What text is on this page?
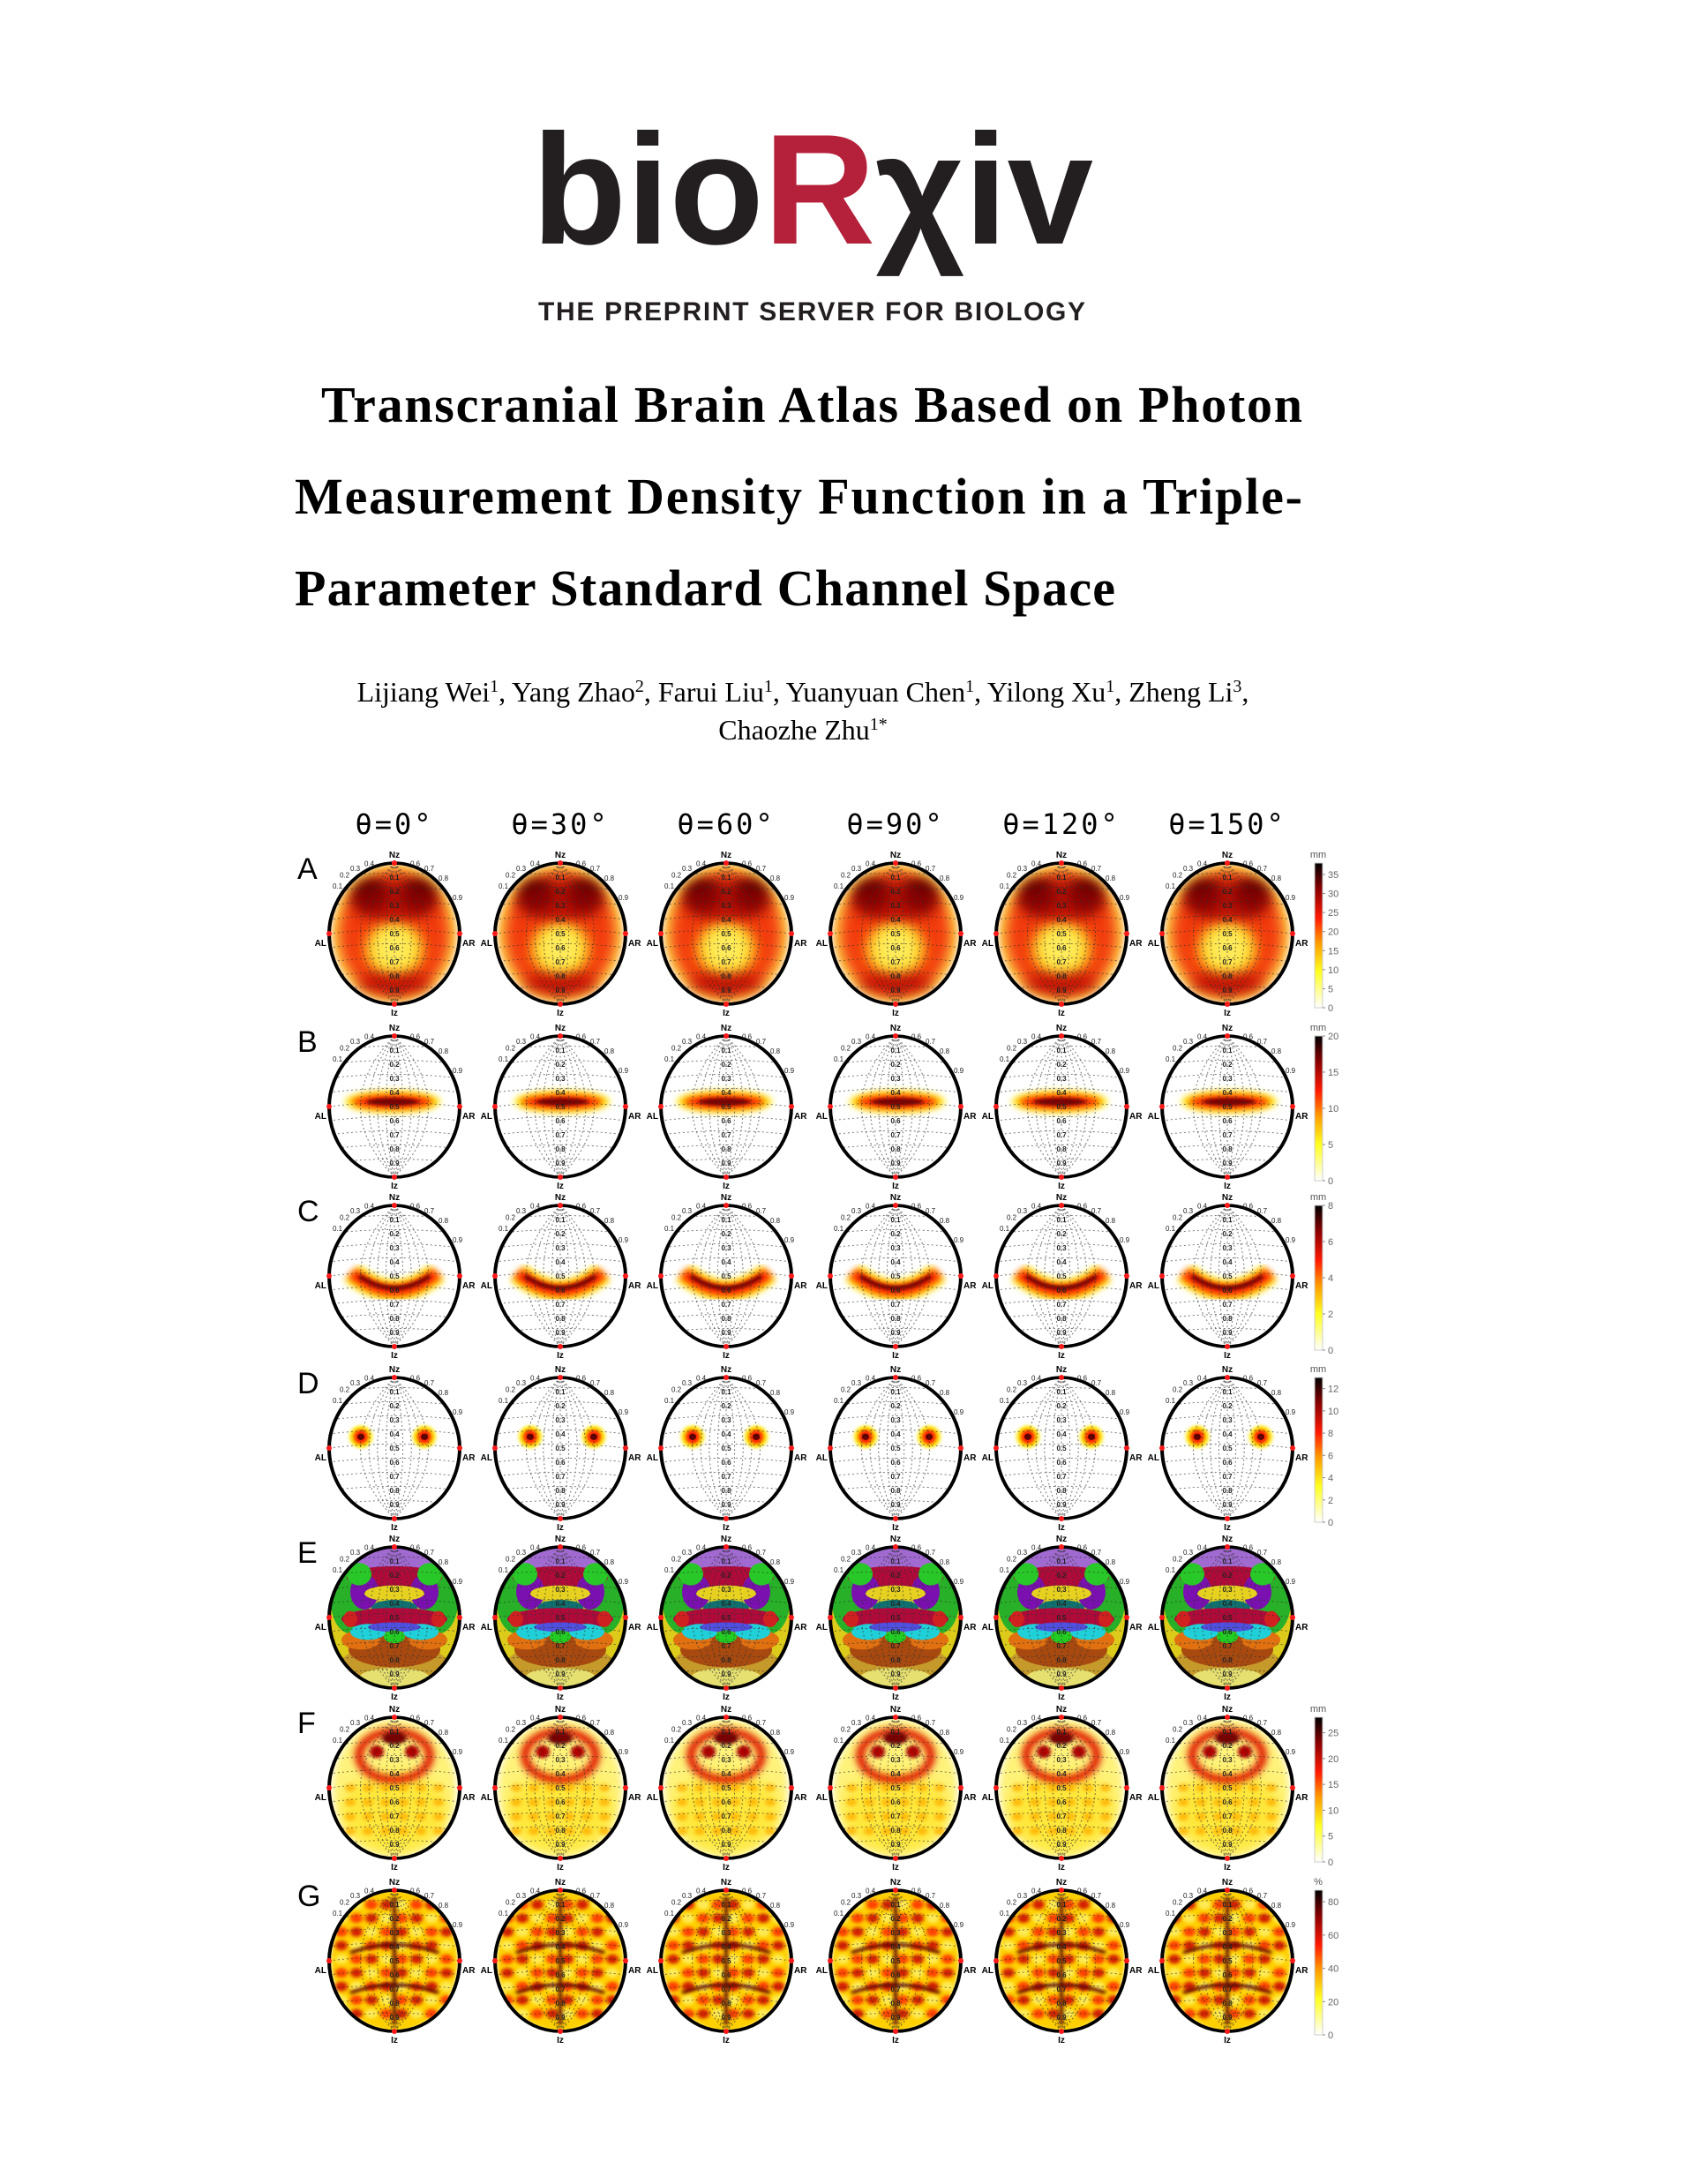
bioRχiv
THE PREPRINT SERVER FOR BIOLOGY
Transcranial Brain Atlas Based on Photon
Measurement Density Function in a Triple-
Parameter Standard Channel Space
Lijiang Wei$^1$, Yang Zhao$^2$, Farui Liu$^1$, Yuanyuan Chen$^1$, Yilong Xu$^1$, Zheng Li$^3$,
Chaozhe Zhu$^{1*}$
θ=0°	θ=30° θ=60°	θ=90° θ=120° θ=150°
A	0.1
0.2
0.3
0.4
0.5
0.6
0.7
0.8
0.9
0.1
0.2
0.3
0.4	0.6
0.7
0.8
0.9
Nz
Iz
AL	AR
0.1
0.2
0.3
0.4
0.5
0.6
0.7
0.8
0.9
0.1
0.2
0.3
0.4	0.6
0.7
0.8
0.9
Nz
Iz
AL	AR
0.1
0.2
0.3
0.4
0.5
0.6
0.7
0.8
0.9
0.1
0.2
0.3
0.4	0.6
0.7
0.8
0.9
Nz
Iz
AL	AR
0.1
0.2
0.3
0.4
0.5
0.6
0.7
0.8
0.9
0.1
0.2
0.3
0.4	0.6
0.7
0.8
0.9
Nz
Iz
AL	AR
0.1
0.2
0.3
0.4
0.5
0.6
0.7
0.8
0.9
0.1
0.2
0.3
0.4	0.6
0.7
0.8
0.9
Nz
Iz
AL	AR
0.1
0.2
0.3
0.4
0.5
0.6
0.7
0.8
0.9
0.1
0.2
0.3
0.4	0.6
0.7
0.8
0.9
Nz
Iz
AL	AR
mm
0
5
10
15
20
25
30
35
B	0.1
0.2
0.3
0.4
0.5
0.6
0.7
0.8
0.9
0.1
0.2
0.3
0.4	0.6
0.7
0.8
0.9
Nz
Iz
AL	AR
0.1
0.2
0.3
0.4
0.5
0.6
0.7
0.8
0.9
0.1
0.2
0.3
0.4	0.6
0.7
0.8
0.9
Nz
Iz
AL	AR
0.1
0.2
0.3
0.4
0.5
0.6
0.7
0.8
0.9
0.1
0.2
0.3
0.4	0.6
0.7
0.8
0.9
Nz
Iz
AL	AR
0.1
0.2
0.3
0.4
0.5
0.6
0.7
0.8
0.9
0.1
0.2
0.3
0.4	0.6
0.7
0.8
0.9
Nz
Iz
AL	AR
0.1
0.2
0.3
0.4
0.5
0.6
0.7
0.8
0.9
0.1
0.2
0.3
0.4	0.6
0.7
0.8
0.9
Nz
Iz
AL	AR
0.1
0.2
0.3
0.4
0.5
0.6
0.7
0.8
0.9
0.1
0.2
0.3
0.4	0.6
0.7
0.8
0.9
Nz
Iz
AL	AR
mm
0
5
10
15
20
C	0.1
0.2
0.3
0.4
0.5
0.6
0.7
0.8
0.9
0.1
0.2
0.3
0.4	0.6
0.7
0.8
0.9
Nz
Iz
AL	AR
0.1
0.2
0.3
0.4
0.5
0.6
0.7
0.8
0.9
0.1
0.2
0.3
0.4	0.6
0.7
0.8
0.9
Nz
Iz
AL	AR
0.1
0.2
0.3
0.4
0.5
0.6
0.7
0.8
0.9
0.1
0.2
0.3
0.4	0.6
0.7
0.8
0.9
Nz
Iz
AL	AR
0.1
0.2
0.3
0.4
0.5
0.6
0.7
0.8
0.9
0.1
0.2
0.3
0.4	0.6
0.7
0.8
0.9
Nz
Iz
AL	AR
0.1
0.2
0.3
0.4
0.5
0.6
0.7
0.8
0.9
0.1
0.2
0.3
0.4	0.6
0.7
0.8
0.9
Nz
Iz
AL	AR
0.1
0.2
0.3
0.4
0.5
0.6
0.7
0.8
0.9
0.1
0.2
0.3
0.4	0.6
0.7
0.8
0.9
Nz
Iz
AL	AR
mm
0
2
4
6
8
D	0.1
0.2
0.3
0.4
0.5
0.6
0.7
0.8
0.9
0.1
0.2
0.3
0.4	0.6
0.7
0.8
0.9
Nz
Iz
AL	AR
0.1
0.2
0.3
0.4
0.5
0.6
0.7
0.8
0.9
0.1
0.2
0.3
0.4	0.6
0.7
0.8
0.9
Nz
Iz
AL	AR
0.1
0.2
0.3
0.4
0.5
0.6
0.7
0.8
0.9
0.1
0.2
0.3
0.4	0.6
0.7
0.8
0.9
Nz
Iz
AL	AR
0.1
0.2
0.3
0.4
0.5
0.6
0.7
0.8
0.9
0.1
0.2
0.3
0.4	0.6
0.7
0.8
0.9
Nz
Iz
AL	AR
0.1
0.2
0.3
0.4
0.5
0.6
0.7
0.8
0.9
0.1
0.2
0.3
0.4	0.6
0.7
0.8
0.9
Nz
Iz
AL	AR
0.1
0.2
0.3
0.4
0.5
0.6
0.7
0.8
0.9
0.1
0.2
0.3
0.4	0.6
0.7
0.8
0.9
Nz
Iz
AL	AR
mm
0
2
4
6
8
10
12
E	0.1
0.2
0.3
0.4
0.5
0.6
0.7
0.8
0.9
0.1
0.2
0.3
0.4	0.6
0.7
0.8
0.9
Nz
Iz
AL	AR
0.1
0.2
0.3
0.4
0.5
0.6
0.7
0.8
0.9
0.1
0.2
0.3
0.4	0.6
0.7
0.8
0.9
Nz
Iz
AL	AR
0.1
0.2
0.3
0.4
0.5
0.6
0.7
0.8
0.9
0.1
0.2
0.3
0.4	0.6
0.7
0.8
0.9
Nz
Iz
AL	AR
0.1
0.2
0.3
0.4
0.5
0.6
0.7
0.8
0.9
0.1
0.2
0.3
0.4	0.6
0.7
0.8
0.9
Nz
Iz
AL	AR
0.1
0.2
0.3
0.4
0.5
0.6
0.7
0.8
0.9
0.1
0.2
0.3
0.4	0.6
0.7
0.8
0.9
Nz
Iz
AL	AR
0.1
0.2
0.3
0.4
0.5
0.6
0.7
0.8
0.9
0.1
0.2
0.3
0.4	0.6
0.7
0.8
0.9
Nz
Iz
AL	AR
F	0.1
0.2
0.3
0.4
0.5
0.6
0.7
0.8
0.9
0.1
0.2
0.3
0.4	0.6
0.7
0.8
0.9
Nz
Iz
AL	AR
0.1
0.2
0.3
0.4
0.5
0.6
0.7
0.8
0.9
0.1
0.2
0.3
0.4	0.6
0.7
0.8
0.9
Nz
Iz
AL	AR
0.1
0.2
0.3
0.4
0.5
0.6
0.7
0.8
0.9
0.1
0.2
0.3
0.4	0.6
0.7
0.8
0.9
Nz
Iz
AL	AR
0.1
0.2
0.3
0.4
0.5
0.6
0.7
0.8
0.9
0.1
0.2
0.3
0.4	0.6
0.7
0.8
0.9
Nz
Iz
AL	AR
0.1
0.2
0.3
0.4
0.5
0.6
0.7
0.8
0.9
0.1
0.2
0.3
0.4	0.6
0.7
0.8
0.9
Nz
Iz
AL	AR
0.1
0.2
0.3
0.4
0.5
0.6
0.7
0.8
0.9
0.1
0.2
0.3
0.4	0.6
0.7
0.8
0.9
Nz
Iz
AL	AR
mm
0
5
10
15
20
25
G	0.1
0.2
0.3
0.4
0.5
0.6
0.7
0.8
0.9
0.1
0.2
0.3
0.4	0.6
0.7
0.8
0.9
Nz
Iz
AL	AR
0.1
0.2
0.3
0.4
0.5
0.6
0.7
0.8
0.9
0.1
0.2
0.3
0.4	0.6
0.7
0.8
0.9
Nz
Iz
AL	AR
0.1
0.2
0.3
0.4
0.5
0.6
0.7
0.8
0.9
0.1
0.2
0.3
0.4	0.6
0.7
0.8
0.9
Nz
Iz
AL	AR
0.1
0.2
0.3
0.4
0.5
0.6
0.7
0.8
0.9
0.1
0.2
0.3
0.4	0.6
0.7
0.8
0.9
Nz
Iz
AL	AR
0.1
0.2
0.3
0.4
0.5
0.6
0.7
0.8
0.9
0.1
0.2
0.3
0.4	0.6
0.7
0.8
0.9
Nz
Iz
AL	AR
0.1
0.2
0.3
0.4
0.5
0.6
0.7
0.8
0.9
0.1
0.2
0.3
0.4	0.6
0.7
0.8
0.9
Nz
Iz
AL	AR
%
0
20
40
60
80
